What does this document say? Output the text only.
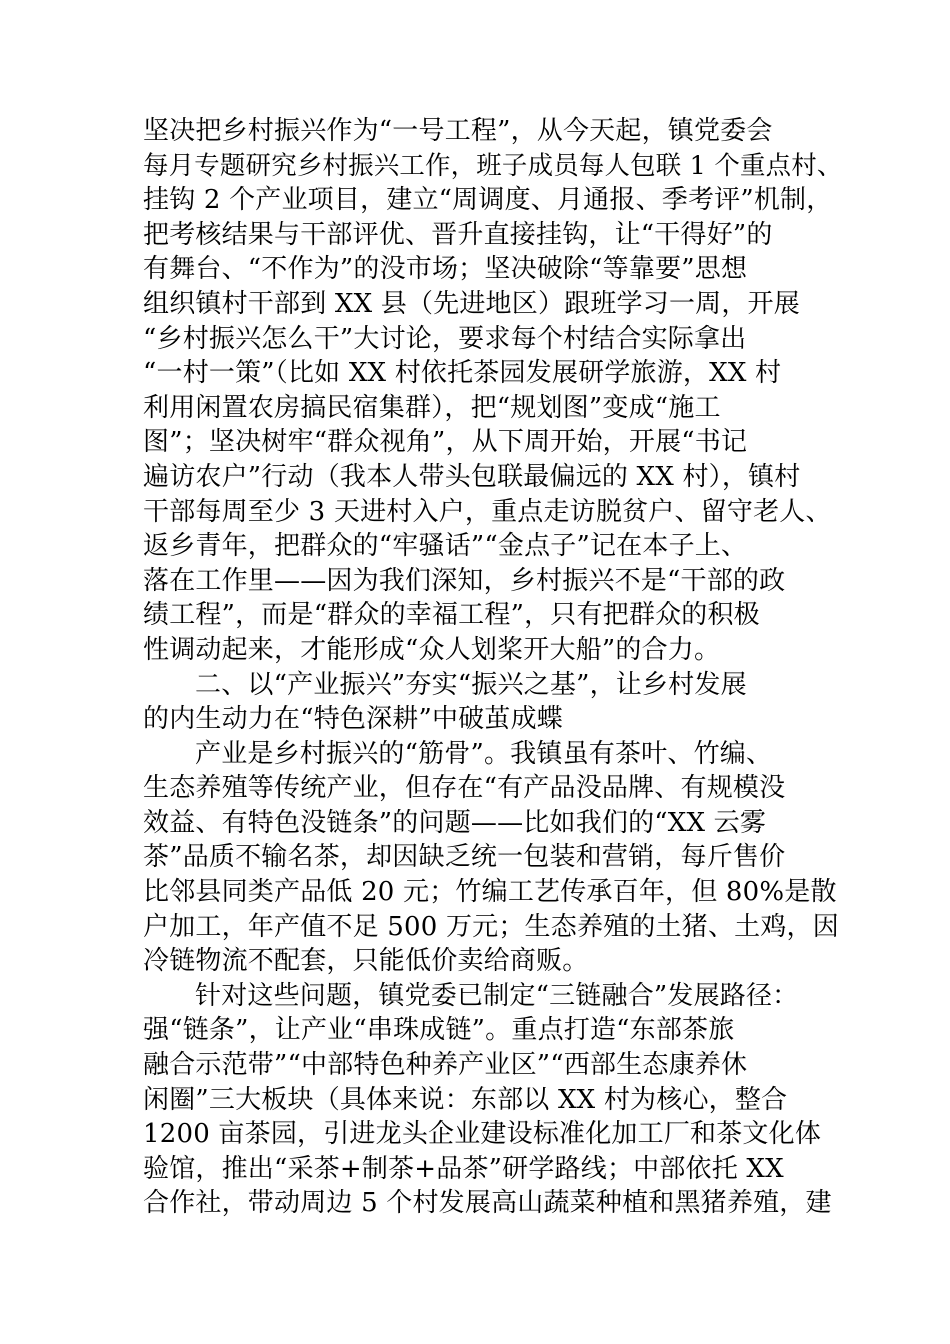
坚决把乡村振兴作为“一号工程”，从今天起，镇党委会
每月专题研究乡村振兴工作，班子成员每人包联 1 个重点村、
挂钩 2 个产业项目，建立“周调度、月通报、季考评”机制，
把考核结果与干部评优、晋升直接挂钩，让“干得好”的
有舞台、“不作为”的没市场；坚决破除“等靠要”思想
组织镇村干部到 XX 县（先进地区）跟班学习一周，开展
“乡村振兴怎么干”大讨论，要求每个村结合实际拿出
“一村一策”（比如 XX 村依托茶园发展研学旅游，XX 村
利用闲置农房搞民宿集群），把“规划图”变成“施工
图”；坚决树牢“群众视角”，从下周开始，开展“书记
遍访农户”行动（我本人带头包联最偏远的 XX 村），镇村
干部每周至少 3 天进村入户，重点走访脱贫户、留守老人、
返乡青年，把群众的“牢骚话”“金点子”记在本子上、
落在工作里——因为我们深知，乡村振兴不是“干部的政
绩工程”，而是“群众的幸福工程”，只有把群众的积极
性调动起来，才能形成“众人划桨开大船”的合力。
二、以“产业振兴”夯实“振兴之基”，让乡村发展
的内生动力在“特色深耕”中破茧成蝶
产业是乡村振兴的“筋骨”。我镇虽有茶叶、竹编、
生态养殖等传统产业，但存在“有产品没品牌、有规模没
效益、有特色没链条”的问题——比如我们的“XX 云雾
茶”品质不输名茶，却因缺乏统一包装和营销，每斤售价
比邻县同类产品低 20 元；竹编工艺传承百年，但 80%是散
户加工，年产值不足 500 万元；生态养殖的土猪、土鸡，因
冷链物流不配套，只能低价卖给商贩。
针对这些问题，镇党委已制定“三链融合”发展路径：
强“链条”，让产业“串珠成链”。重点打造“东部茶旅
融合示范带”“中部特色种养产业区”“西部生态康养休
闲圈”三大板块（具体来说：东部以 XX 村为核心，整合
1200 亩茶园，引进龙头企业建设标准化加工厂和茶文化体
验馆，推出“采茶+制茶+品茶”研学路线；中部依托 XX
合作社，带动周边 5 个村发展高山蔬菜种植和黑猪养殖，建
